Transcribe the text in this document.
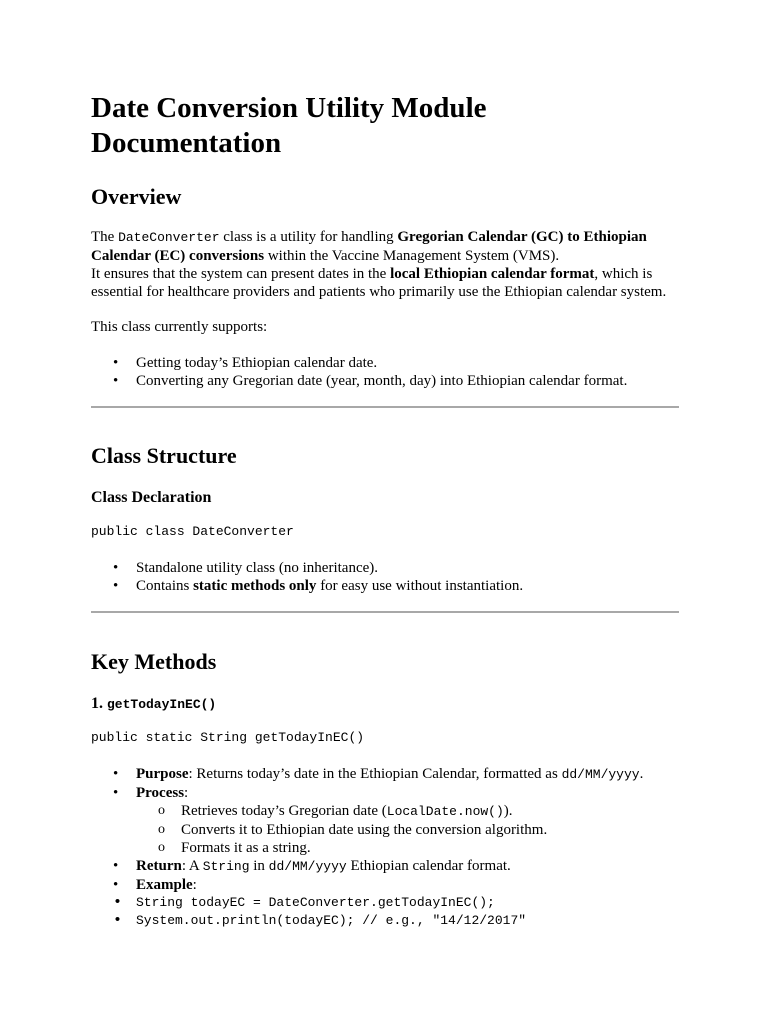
Date Conversion Utility Module Documentation
Overview

The DateConverter class is a utility for handling Gregorian Calendar (GC) to Ethiopian Calendar (EC) conversions within the Vaccine Management System (VMS).
It ensures that the system can present dates in the local Ethiopian calendar format, which is essential for healthcare providers and patients who primarily use the Ethiopian calendar system.

This class currently supports:

• Getting today’s Ethiopian calendar date.
• Converting any Gregorian date (year, month, day) into Ethiopian calendar format.
Class Structure
Class Declaration

public class DateConverter

• Standalone utility class (no inheritance).
• Contains static methods only for easy use without instantiation.
Key Methods
1. getTodayInEC()

public static String getTodayInEC()

• Purpose: Returns today’s date in the Ethiopian Calendar, formatted as dd/MM/yyyy.
• Process:
o Retrieves today’s Gregorian date (LocalDate.now()).
o Converts it to Ethiopian date using the conversion algorithm.
o Formats it as a string.
• Return: A String in dd/MM/yyyy Ethiopian calendar format.
• Example:
• String todayEC = DateConverter.getTodayInEC();
• System.out.println(todayEC); // e.g., "14/12/2017"
